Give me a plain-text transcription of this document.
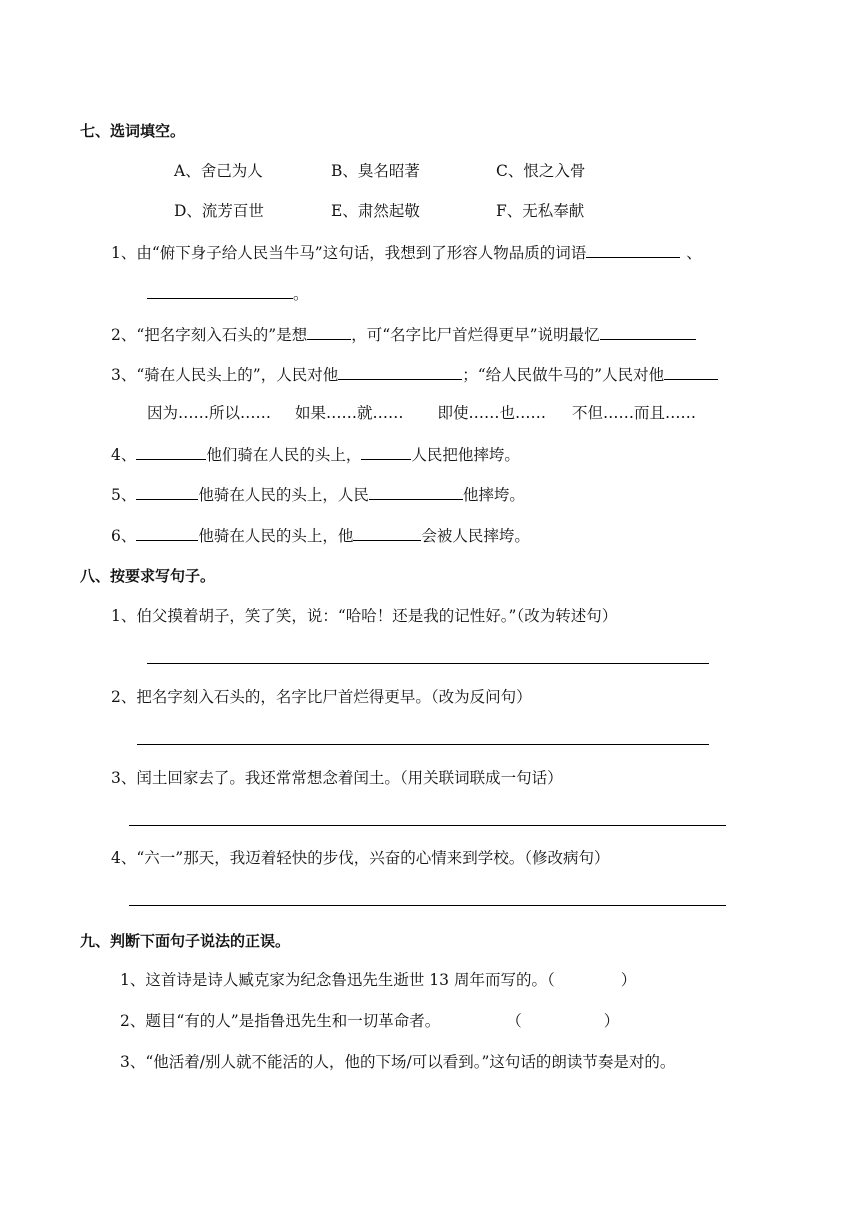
七、选词填空。
A、舍己为人	B、臭名昭著	C、恨之入骨
D、流芳百世	E、肃然起敬	F、无私奉献
1、由“俯下身子给人民当牛马”这句话，我想到了形容人物品质的词语	、
。
2、“把名字刻入石头的”是想	，可“名字比尸首烂得更早”说明最忆
3、“骑在人民头上的”，人民对他	；“给人民做牛马的”人民对他
因为……所以…… 如果……就…… 即使……也…… 不但……而且……
4、	他们骑在人民的头上，	人民把他摔垮。
5、	他骑在人民的头上，人民	他摔垮。
6、	他骑在人民的头上，他	会被人民摔垮。
八、按要求写句子。
1、伯父摸着胡子，笑了笑，说：“哈哈！还是我的记性好。”（改为转述句）
2、把名字刻入石头的，名字比尸首烂得更早。（改为反问句）
3、闰土回家去了。我还常常想念着闰土。（用关联词联成一句话）
4、“六一”那天，我迈着轻快的步伐，兴奋的心情来到学校。（修改病句）
九、判断下面句子说法的正误。
1、这首诗是诗人臧克家为纪念鲁迅先生逝世 13 周年而写的。（	）
2、题目“有的人”是指鲁迅先生和一切革命者。	（	）
3、“他活着/别人就不能活的人，他的下场/可以看到。”这句话的朗读节奏是对的。
